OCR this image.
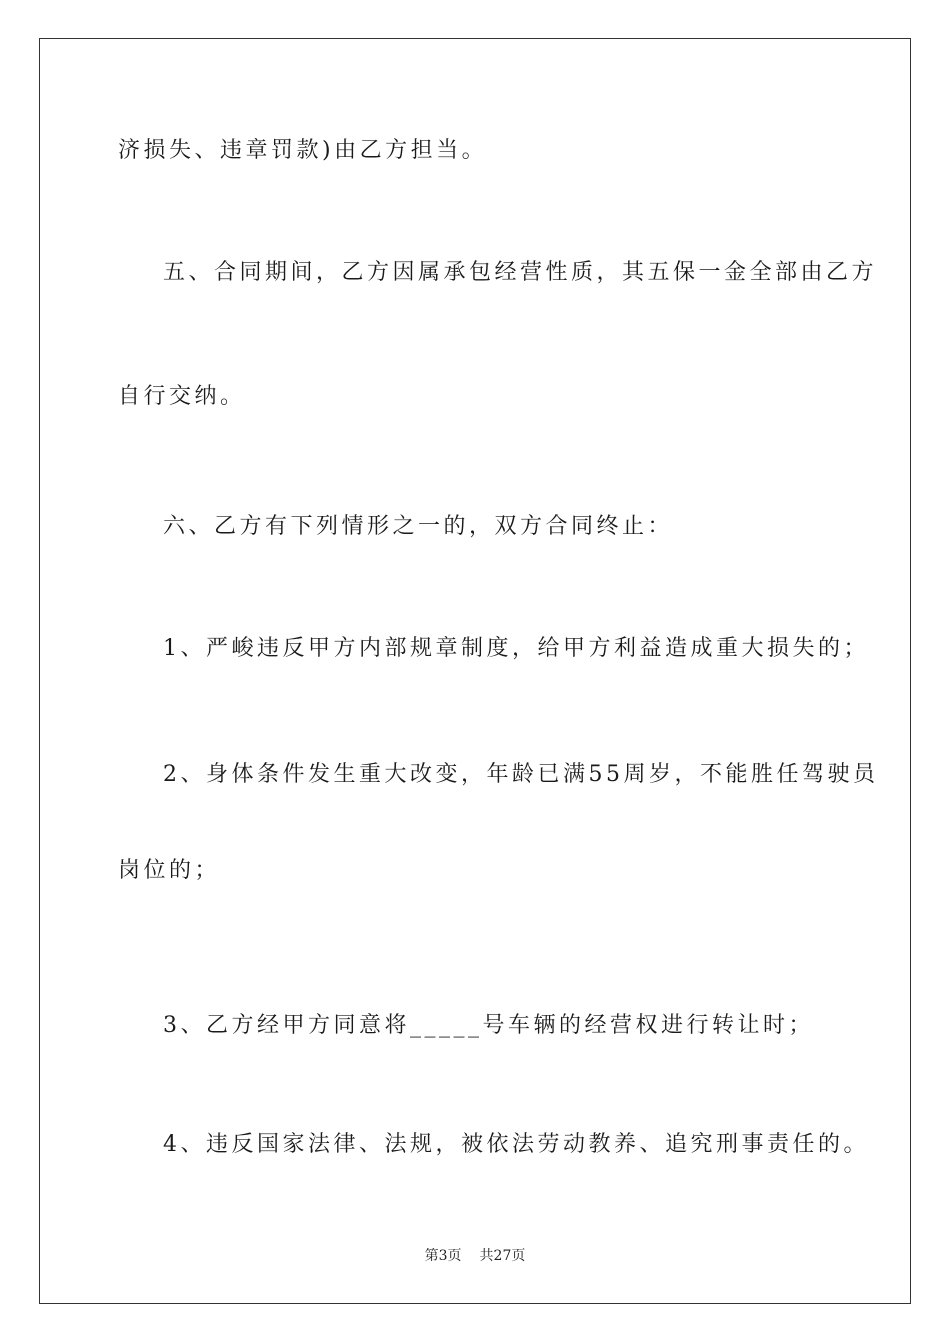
济损失、违章罚款)由乙方担当。
五、合同期间，乙方因属承包经营性质，其五保一金全部由乙方
自行交纳。
六、乙方有下列情形之一的，双方合同终止：
1、严峻违反甲方内部规章制度，给甲方利益造成重大损失的；
2、身体条件发生重大改变，年龄已满55周岁，不能胜任驾驶员
岗位的；
3、乙方经甲方同意将_____号车辆的经营权进行转让时；
4、违反国家法律、法规，被依法劳动教养、追究刑事责任的。
第3页 共27页
